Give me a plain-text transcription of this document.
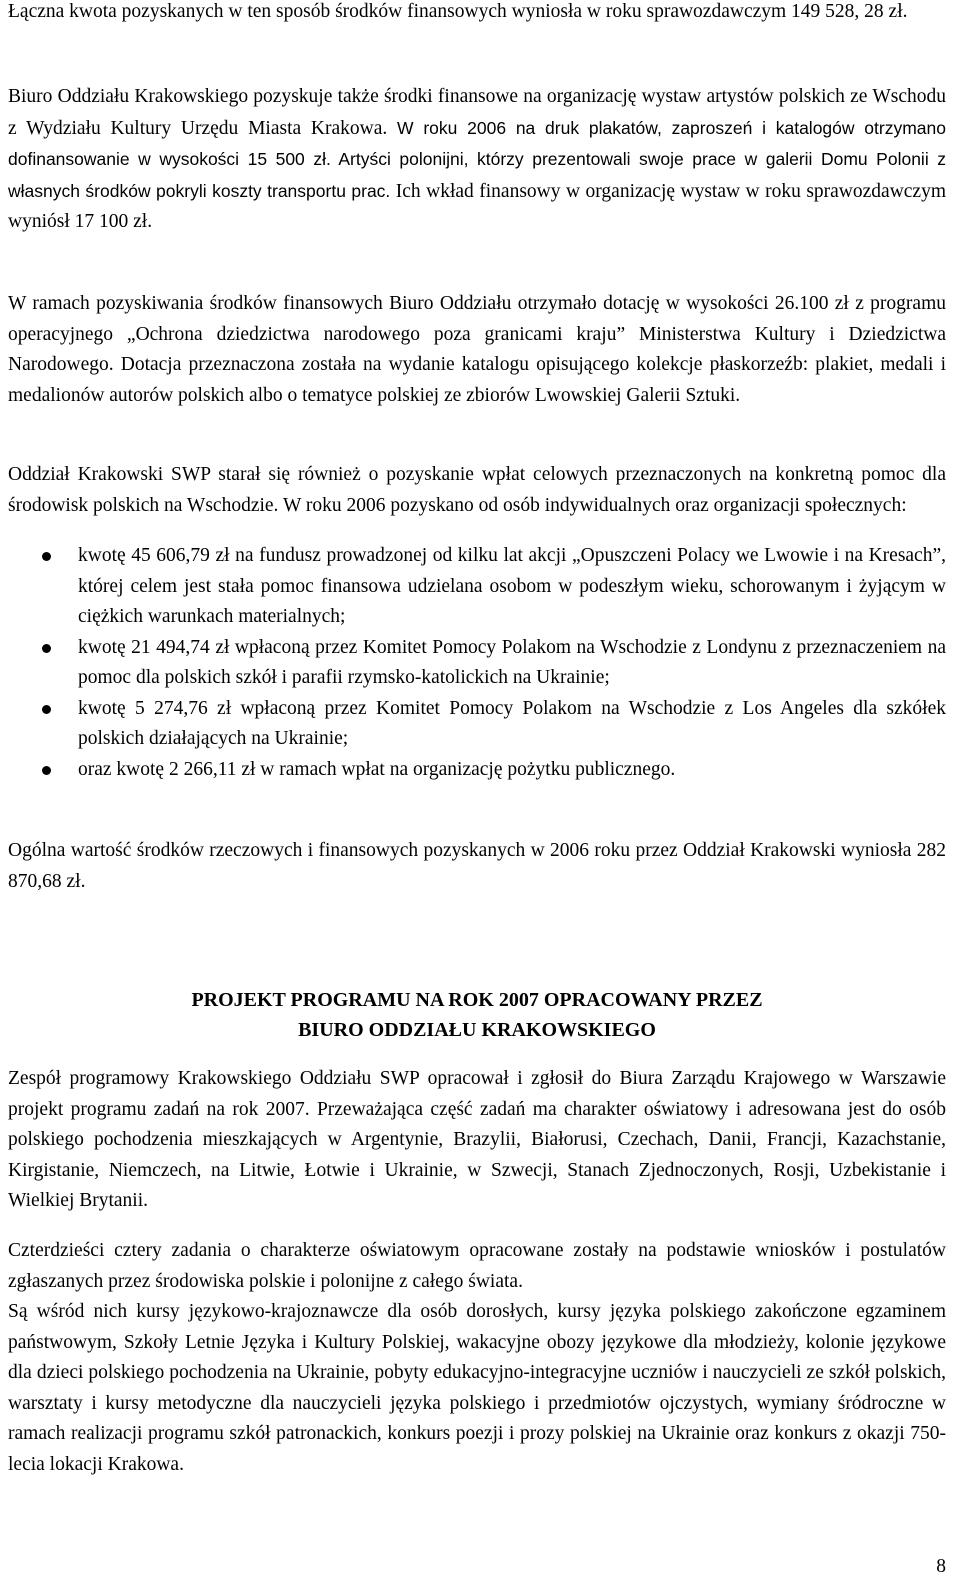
Łączna kwota pozyskanych w ten sposób środków finansowych wyniosła w roku sprawozdawczym 149 528, 28 zł.

Biuro Oddziału Krakowskiego pozyskuje także środki finansowe na organizację wystaw artystów polskich ze Wschodu z Wydziału Kultury Urzędu Miasta Krakowa. W roku 2006 na druk plakatów, zaproszeń i katalogów otrzymano dofinansowanie w wysokości 15 500 zł. Artyści polonijni, którzy prezentowali swoje prace w galerii Domu Polonii z własnych środków pokryli koszty transportu prac. Ich wkład finansowy w organizację wystaw w roku sprawozdawczym wyniósł 17 100 zł.

W ramach pozyskiwania środków finansowych Biuro Oddziału otrzymało dotację w wysokości 26.100 zł z programu operacyjnego „Ochrona dziedzictwa narodowego poza granicami kraju” Ministerstwa Kultury i Dziedzictwa Narodowego. Dotacja przeznaczona została na wydanie katalogu opisującego kolekcje płaskorzeźb: plakiet, medali i medalionów autorów polskich albo o tematyce polskiej ze zbiorów Lwowskiej Galerii Sztuki.

Oddział Krakowski SWP starał się również o pozyskanie wpłat celowych przeznaczonych na konkretną pomoc dla środowisk polskich na Wschodzie. W roku 2006 pozyskano od osób indywidualnych oraz organizacji społecznych:

kwotę 45 606,79 zł na fundusz prowadzonej od kilku lat akcji „Opuszczeni Polacy we Lwowie i na Kresach”, której celem jest stała pomoc finansowa udzielana osobom w podeszłym wieku, schorowanym i żyjącym w ciężkich warunkach materialnych;
kwotę 21 494,74 zł wpłaconą przez Komitet Pomocy Polakom na Wschodzie z Londynu z przeznaczeniem na pomoc dla polskich szkół i parafii rzymsko-katolickich na Ukrainie;
kwotę 5 274,76 zł wpłaconą przez Komitet Pomocy Polakom na Wschodzie z Los Angeles dla szkółek polskich działających na Ukrainie;
oraz kwotę 2 266,11 zł w ramach wpłat na organizację pożytku publicznego.

Ogólna wartość środków rzeczowych i finansowych pozyskanych w 2006 roku przez Oddział Krakowski wyniosła 282 870,68 zł.

PROJEKT PROGRAMU NA ROK 2007 OPRACOWANY PRZEZ
BIURO ODDZIAŁU KRAKOWSKIEGO

Zespół programowy Krakowskiego Oddziału SWP opracował i zgłosił do Biura Zarządu Krajowego w Warszawie projekt programu zadań na rok 2007. Przeważająca część zadań ma charakter oświatowy i adresowana jest do osób polskiego pochodzenia mieszkających w Argentynie, Brazylii, Białorusi, Czechach, Danii, Francji, Kazachstanie, Kirgistanie, Niemczech, na Litwie, Łotwie i Ukrainie, w Szwecji, Stanach Zjednoczonych, Rosji, Uzbekistanie i Wielkiej Brytanii.

Czterdzieści cztery zadania o charakterze oświatowym opracowane zostały na podstawie wniosków i postulatów zgłaszanych przez środowiska polskie i polonijne z całego świata.

Są wśród nich kursy językowo-krajoznawcze dla osób dorosłych, kursy języka polskiego zakończone egzaminem państwowym, Szkoły Letnie Języka i Kultury Polskiej, wakacyjne obozy językowe dla młodzieży, kolonie językowe dla dzieci polskiego pochodzenia na Ukrainie, pobyty edukacyjno-integracyjne uczniów i nauczycieli ze szkół polskich, warsztaty i kursy metodyczne dla nauczycieli języka polskiego i przedmiotów ojczystych, wymiany śródroczne w ramach realizacji programu szkół patronackich, konkurs poezji i prozy polskiej na Ukrainie oraz konkurs z okazji 750-lecia lokacji Krakowa.

8
